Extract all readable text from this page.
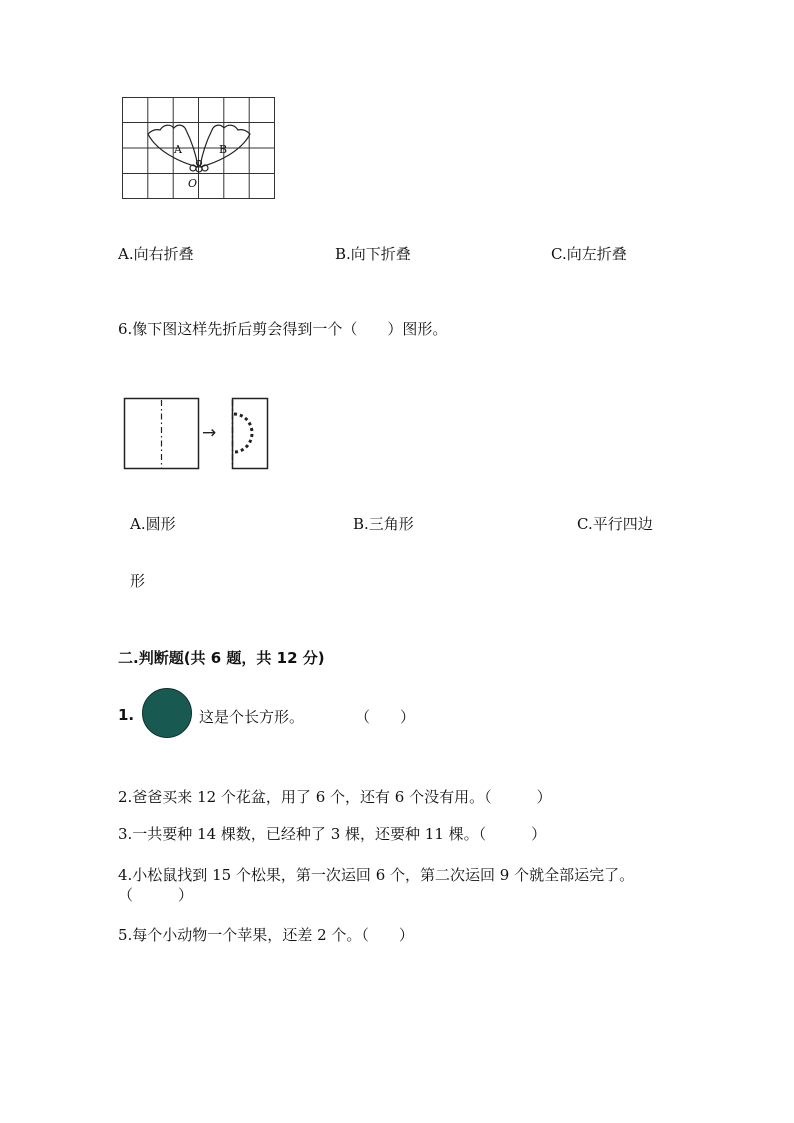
A	B
O
A.向右折叠	B.向下折叠	C.向左折叠
6.像下图这样先折后剪会得到一个（　　）图形。
→
A.圆形	B.三角形	C.平行四边
形
二.判断题(共 6 题，共 12 分)
1.	这是个长方形。	（　　）
2.爸爸买来 12 个花盆，用了 6 个，还有 6 个没有用。（　　　）
3.一共要种 14 棵数，已经种了 3 棵，还要种 11 棵。（　　　）
4.小松鼠找到 15 个松果，第一次运回 6 个，第二次运回 9 个就全部运完了。
（　　　）
5.每个小动物一个苹果，还差 2 个。（　　）
